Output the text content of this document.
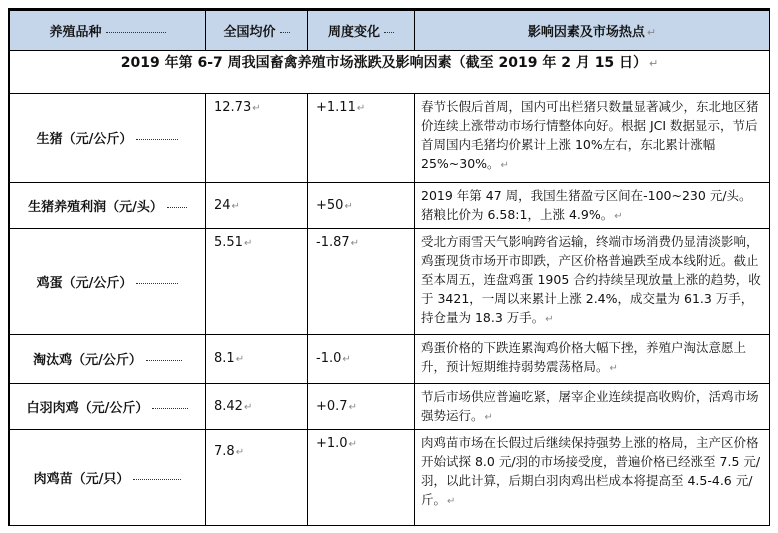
2019 年第 6-7 周我国畜禽养殖市场涨跌及影响因素（截至 2019 年 2 月 15 日） ↵			
养殖品种	全国均价	周度变化	影响因素及市场热点 ↵
生猪（元/公斤）	12.73↵	+1.11↵	春节长假后首周，国内可出栏猪只数量显著减少，东北地区猪价连续上涨带动市场行情整体向好。根据 JCI 数据显示，节后首周国内毛猪均价累计上涨 10%左右，东北累计涨幅 25%~30%。↵
生猪养殖利润（元/头）	24↵	+50↵	2019 年第 47 周，我国生猪盈亏区间在-100~230 元/头。猪粮比价为 6.58:1，上涨 4.9%。↵
鸡蛋（元/公斤）	5.51↵	-1.87↵	受北方雨雪天气影响跨省运输，终端市场消费仍显清淡影响，鸡蛋现货市场开市即跌，产区价格普遍跌至成本线附近。截止至本周五，连盘鸡蛋 1905 合约持续呈现放量上涨的趋势，收于 3421，一周以来累计上涨 2.4%，成交量为 61.3 万手，持仓量为 18.3 万手。↵
淘汰鸡（元/公斤）	8.1↵	-1.0↵	鸡蛋价格的下跌连累淘鸡价格大幅下挫，养殖户淘汰意愿上升，预计短期维持弱势震荡格局。↵
白羽肉鸡（元/公斤）	8.42↵	+0.7↵	节后市场供应普遍吃紧，屠宰企业连续提高收购价，活鸡市场强势运行。↵
肉鸡苗（元/只）	7.8↵	+1.0↵	肉鸡苗市场在长假过后继续保持强势上涨的格局，主产区价格开始试探 8.0 元/羽的市场接受度，普遍价格已经涨至 7.5 元/羽，以此计算，后期白羽肉鸡出栏成本将提高至 4.5-4.6 元/斤。↵
